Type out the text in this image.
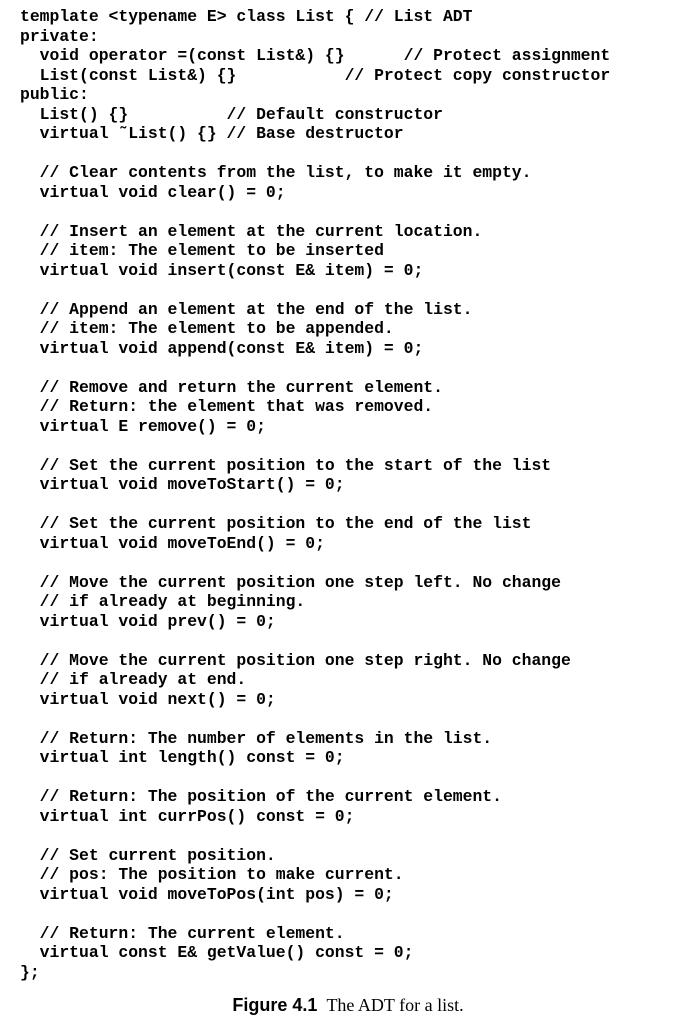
template <typename E> class List { // List ADT
private:
void operator =(const List&) {}      // Protect assignment
List(const List&) {}           // Protect copy constructor
public:
List() {}          // Default constructor
virtual ˜List() {} // Base destructor

// Clear contents from the list, to make it empty.
virtual void clear() = 0;

// Insert an element at the current location.
// item: The element to be inserted
virtual void insert(const E& item) = 0;

// Append an element at the end of the list.
// item: The element to be appended.
virtual void append(const E& item) = 0;

// Remove and return the current element.
// Return: the element that was removed.
virtual E remove() = 0;

// Set the current position to the start of the list
virtual void moveToStart() = 0;

// Set the current position to the end of the list
virtual void moveToEnd() = 0;

// Move the current position one step left. No change
// if already at beginning.
virtual void prev() = 0;

// Move the current position one step right. No change
// if already at end.
virtual void next() = 0;

// Return: The number of elements in the list.
virtual int length() const = 0;

// Return: The position of the current element.
virtual int currPos() const = 0;

// Set current position.
// pos: The position to make current.
virtual void moveToPos(int pos) = 0;

// Return: The current element.
virtual const E& getValue() const = 0;
};
Figure 4.1 The ADT for a list.
